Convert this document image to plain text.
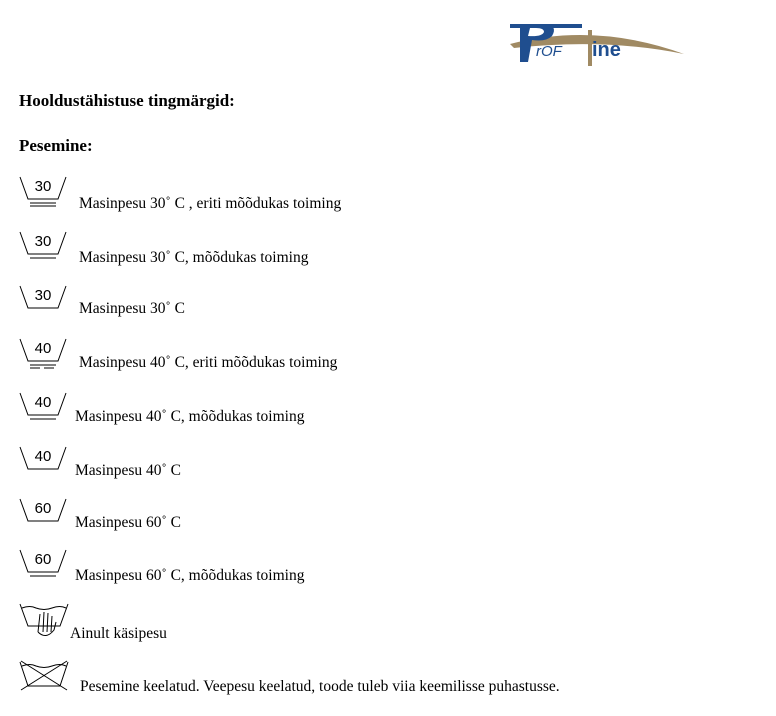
rOF ine
Hooldustähistuse tingmärgid:
Pesemine:
30
Masinpesu 30˚ C , eriti mõõdukas toiming
30
Masinpesu 30˚ C, mõõdukas toiming
30
Masinpesu 30˚ C
40
Masinpesu 40˚ C, eriti mõõdukas toiming
40
Masinpesu 40˚ C, mõõdukas toiming
40
Masinpesu 40˚ C
60
Masinpesu 60˚ C
60
Masinpesu 60˚ C, mõõdukas toiming
Ainult käsipesu
Pesemine keelatud. Veepesu keelatud, toode tuleb viia keemilisse puhastusse.
